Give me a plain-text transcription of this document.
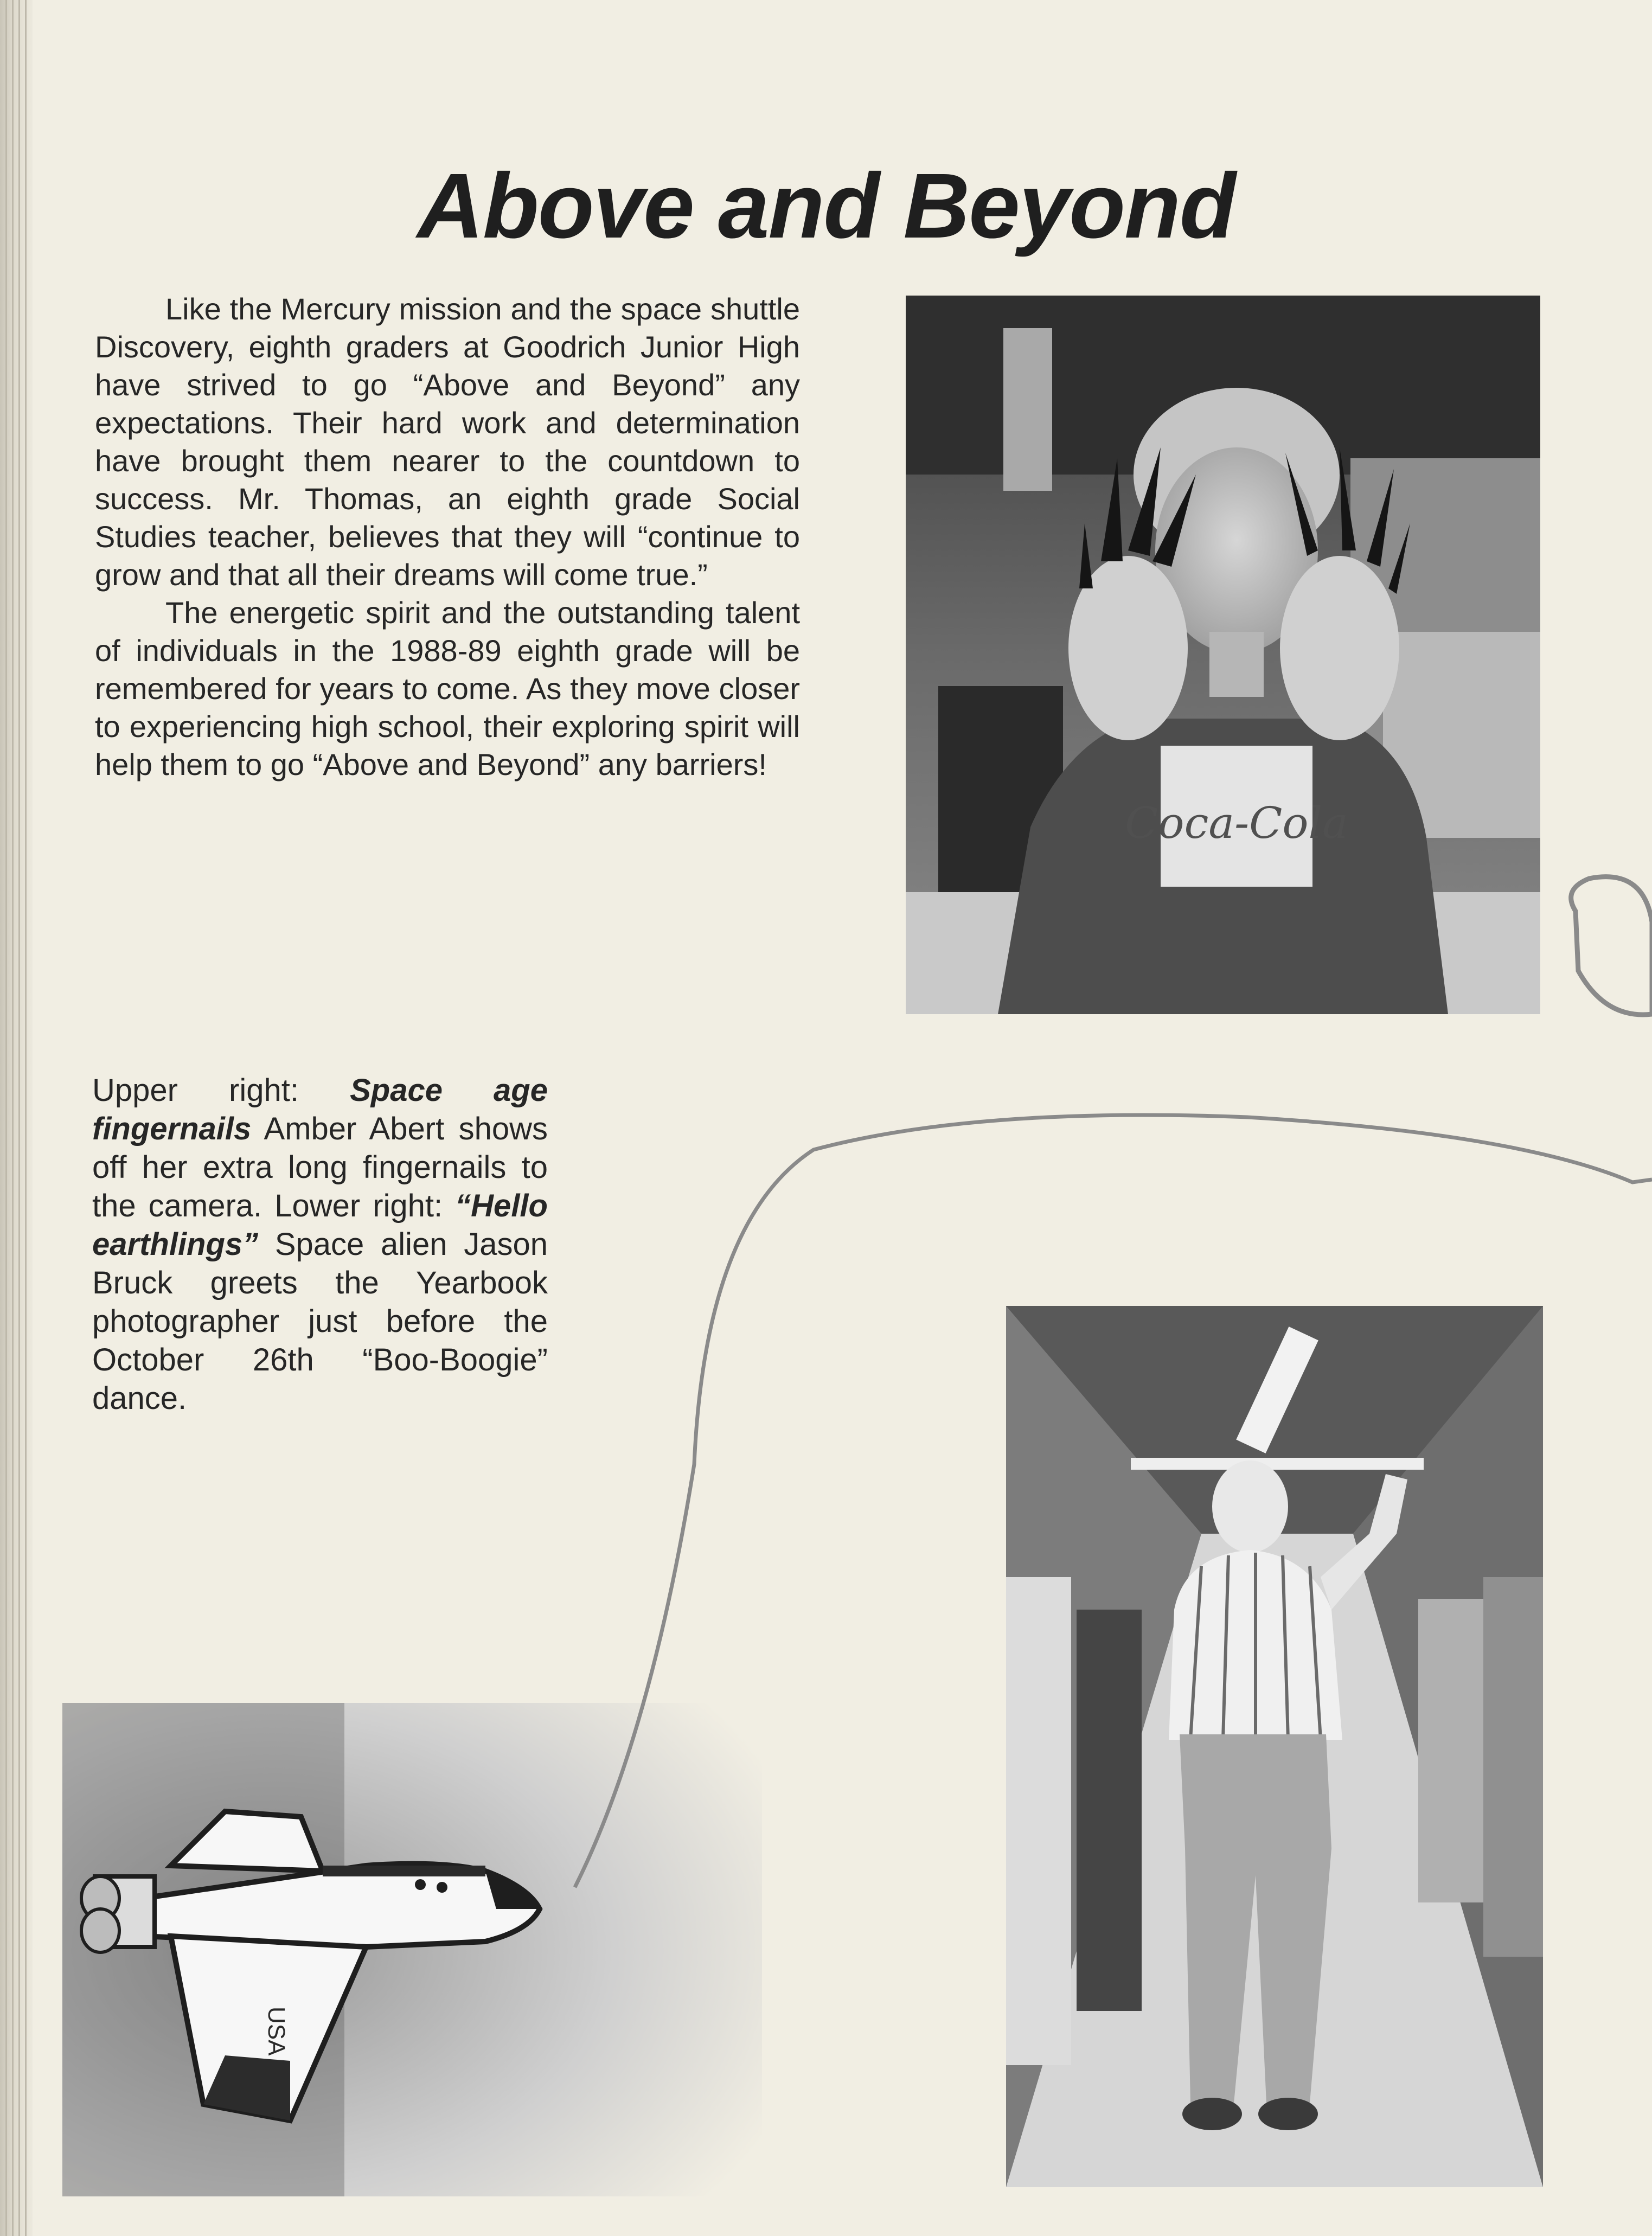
Above and Beyond

Like the Mercury mission and the space shuttle Discovery, eighth graders at Goodrich Junior High have strived to go “Above and Beyond” any expectations. Their hard work and determination have brought them nearer to the countdown to success. Mr. Thomas, an eighth grade Social Studies teacher, believes that they will “continue to grow and that all their dreams will come true.”

The energetic spirit and the outstanding talent of individuals in the 1988-89 eighth grade will be remembered for years to come. As they move closer to experiencing high school, their exploring spirit will help them to go “Above and Beyond” any barriers!

Coca-Cola
Upper right: Space age fingernails Amber Abert shows off her extra long fingernails to the camera. Lower right: “Hello earthlings” Space alien Jason Bruck greets the Yearbook photographer just before the October 26th “Boo-Boogie” dance.
USA
